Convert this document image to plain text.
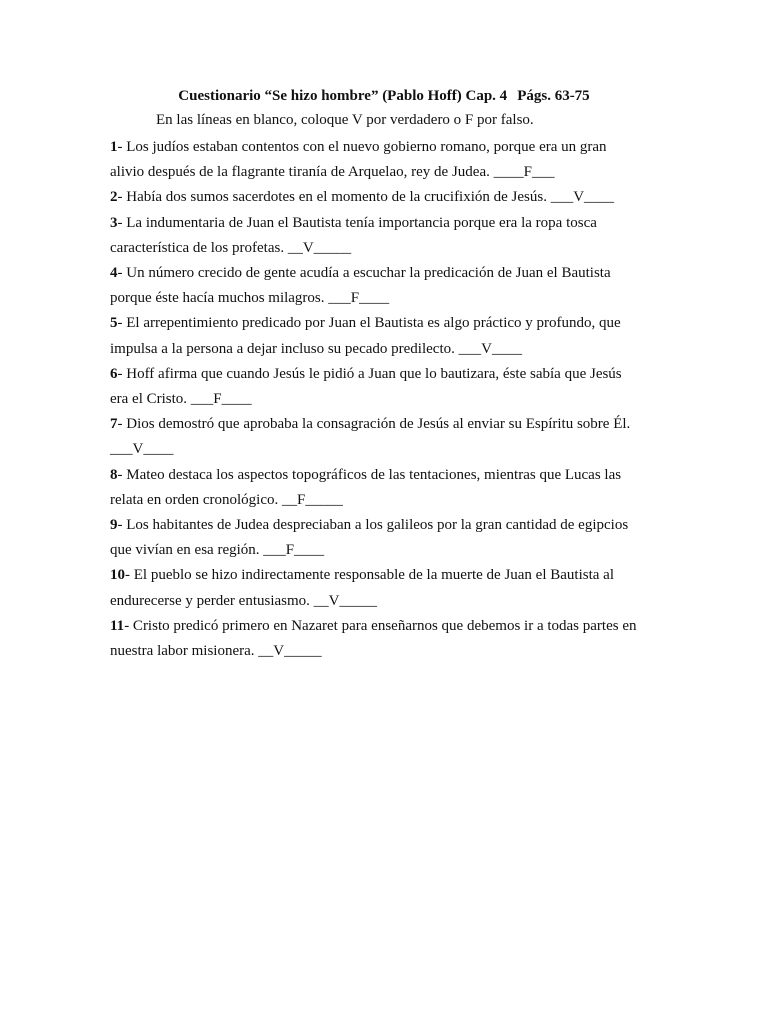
Cuestionario “Se hizo hombre” (Pablo Hoff) Cap. 4 Págs. 63-75
En las líneas en blanco, coloque V por verdadero o F por falso.
1- Los judíos estaban contentos con el nuevo gobierno romano, porque era un gran
alivio después de la flagrante tiranía de Arquelao, rey de Judea. ____F___
2- Había dos sumos sacerdotes en el momento de la crucifixión de Jesús. ___V____
3- La indumentaria de Juan el Bautista tenía importancia porque era la ropa tosca
característica de los profetas. __V_____
4- Un número crecido de gente acudía a escuchar la predicación de Juan el Bautista
porque éste hacía muchos milagros. ___F____
5- El arrepentimiento predicado por Juan el Bautista es algo práctico y profundo, que
impulsa a la persona a dejar incluso su pecado predilecto. ___V____
6- Hoff afirma que cuando Jesús le pidió a Juan que lo bautizara, éste sabía que Jesús
era el Cristo. ___F____
7- Dios demostró que aprobaba la consagración de Jesús al enviar su Espíritu sobre Él.
___V____
8- Mateo destaca los aspectos topográficos de las tentaciones, mientras que Lucas las
relata en orden cronológico. __F_____
9- Los habitantes de Judea despreciaban a los galileos por la gran cantidad de egipcios
que vivían en esa región. ___F____
10- El pueblo se hizo indirectamente responsable de la muerte de Juan el Bautista al
endurecerse y perder entusiasmo. __V_____
11- Cristo predicó primero en Nazaret para enseñarnos que debemos ir a todas partes en
nuestra labor misionera. __V_____
